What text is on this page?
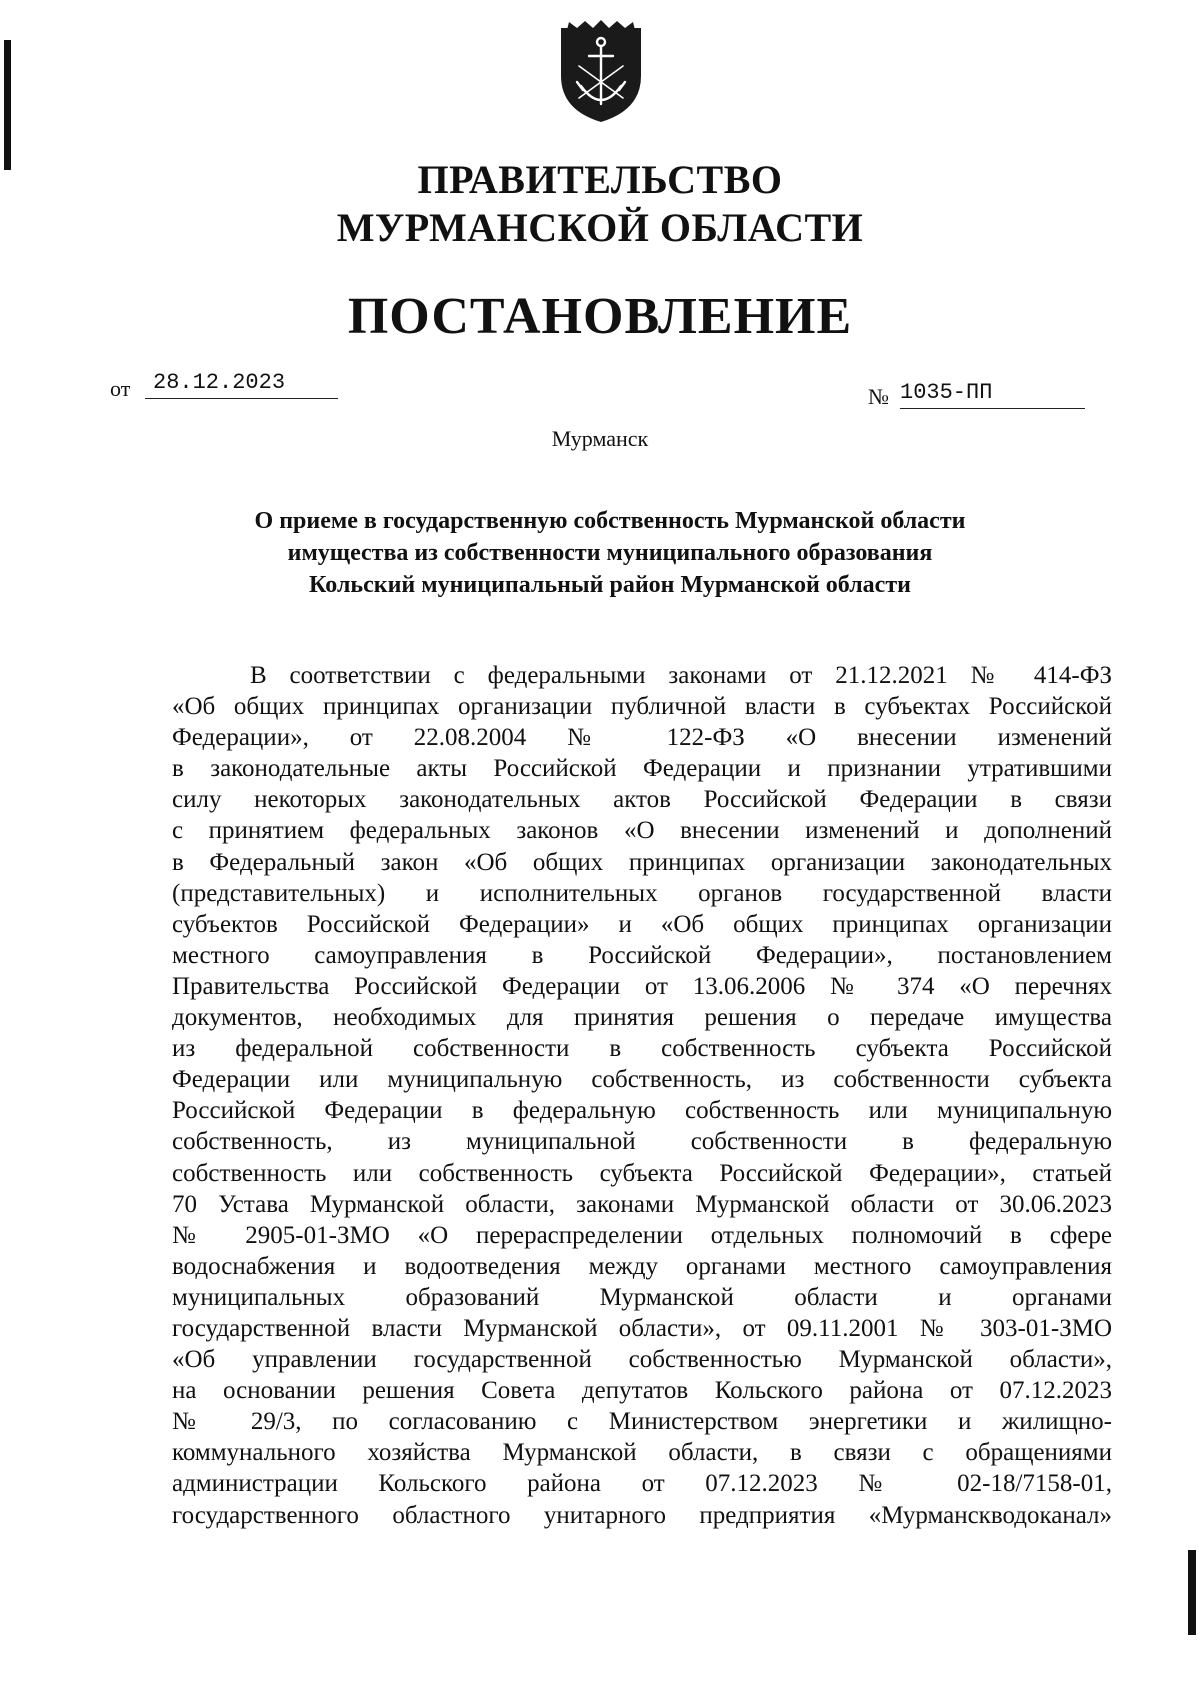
ПРАВИТЕЛЬСТВО
МУРМАНСКОЙ ОБЛАСТИ
ПОСТАНОВЛЕНИЕ
от	28.12.2023
№ 1035-ПП
Мурманск
О приеме в государственную собственность Мурманской области
имущества из собственности муниципального образования
Кольский муниципальный район Мурманской области
В соответствии с федеральными законами от 21.12.2021 № 414-ФЗ
«Об общих принципах организации публичной власти в субъектах Российской
Федерации», от 22.08.2004 № 122-ФЗ «О внесении изменений
в законодательные акты Российской Федерации и признании утратившими
силу некоторых законодательных актов Российской Федерации в связи
с принятием федеральных законов «О внесении изменений и дополнений
в Федеральный закон «Об общих принципах организации законодательных
(представительных) и исполнительных органов государственной власти
субъектов Российской Федерации» и «Об общих принципах организации
местного самоуправления в Российской Федерации», постановлением
Правительства Российской Федерации от 13.06.2006 № 374 «О перечнях
документов, необходимых для принятия решения о передаче имущества
из федеральной собственности в собственность субъекта Российской
Федерации или муниципальную собственность, из собственности субъекта
Российской Федерации в федеральную собственность или муниципальную
собственность, из муниципальной собственности в федеральную
собственность или собственность субъекта Российской Федерации», статьей
70 Устава Мурманской области, законами Мурманской области от 30.06.2023
№ 2905-01-ЗМО «О перераспределении отдельных полномочий в сфере
водоснабжения и водоотведения между органами местного самоуправления
муниципальных образований Мурманской области и органами
государственной власти Мурманской области», от 09.11.2001 № 303-01-ЗМО
«Об управлении государственной собственностью Мурманской области»,
на основании решения Совета депутатов Кольского района от 07.12.2023
№ 29/3, по согласованию с Министерством энергетики и жилищно-
коммунального хозяйства Мурманской области, в связи с обращениями
администрации Кольского района от 07.12.2023 № 02-18/7158-01,
государственного областного унитарного предприятия «Мурманскводоканал»
